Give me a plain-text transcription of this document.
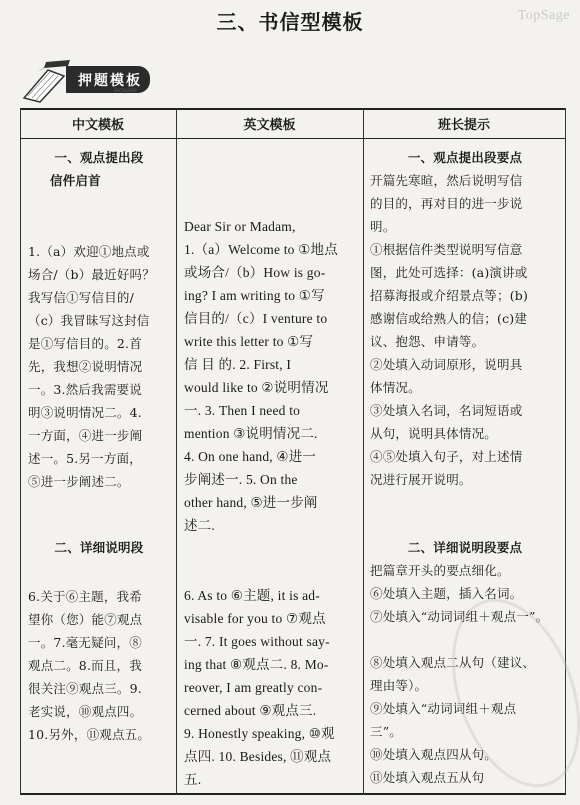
TopSage
三、书信型模板
押题模板
template
中文模板	英文模板	班长提示

一、观点提出段

信件启首

1.（a）欢迎①地点或

场合/（b）最近好吗？

我写信①写信目的/

（c）我冒昧写这封信

是①写信目的。2.首

先，我想②说明情况

一。3.然后我需要说

明③说明情况二。4.

一方面，④进一步阐

述一。5.另一方面，

⑤进一步阐述二。

Dear Sir or Madam,

1.（a）Welcome to ①地点

或场合/（b）How is go-

ing? I am writing to ①写

信目的/（c）I venture to

write this letter to ①写

信 目 的. 2. First, I

would like to ②说明情况

一. 3. Then I need to

mention ③说明情况二.

4. On one hand, ④进一

步阐述一. 5. On the

other hand, ⑤进一步阐

述二.

一、观点提出段要点

开篇先寒暄，然后说明写信

的目的，再对目的进一步说

明。

①根据信件类型说明写信意

图，此处可选择：(a)演讲或

招募海报或介绍景点等；(b)

感谢信或给熟人的信；(c)建

议、抱怨、申请等。

②处填入动词原形，说明具

体情况。

③处填入名词，名词短语或

从句，说明具体情况。

④⑤处填入句子，对上述情

况进行展开说明。

二、详细说明段

6.关于⑥主题，我希

望你（您）能⑦观点

一。7.毫无疑问，⑧

观点二。8.而且，我

很关注⑨观点三。9.

老实说，⑩观点四。

10.另外，⑪观点五。

6. As to ⑥主题, it is ad-

visable for you to ⑦观点

一. 7. It goes without say-

ing that ⑧观点二. 8. Mo-

reover, I am greatly con-

cerned about ⑨观点三.

9. Honestly speaking, ⑩观

点四. 10. Besides, ⑪观点

五.

二、详细说明段要点

把篇章开头的要点细化。

⑥处填入主题，插入名词。

⑦处填入“动词词组＋观点一”。

⑧处填入观点二从句（建议、

理由等）。

⑨处填入“动词词组＋观点

三”。

⑩处填入观点四从句。

⑪处填入观点五从句
